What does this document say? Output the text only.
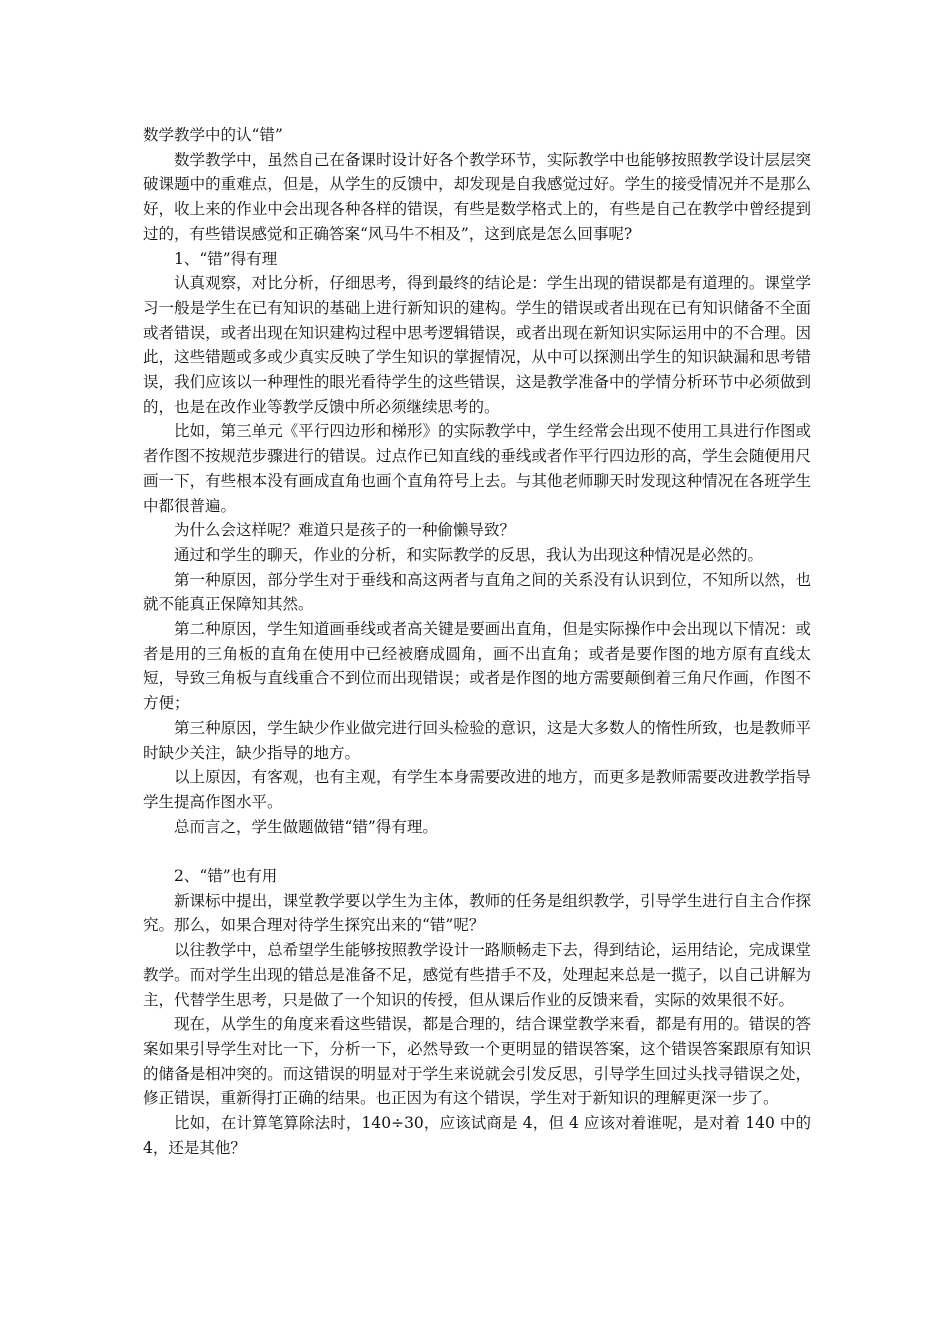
数学教学中的认“错”

数学教学中，虽然自己在备课时设计好各个教学环节，实际教学中也能够按照教学设计层层突破课题中的重难点，但是，从学生的反馈中，却发现是自我感觉过好。学生的接受情况并不是那么好，收上来的作业中会出现各种各样的错误，有些是数学格式上的，有些是自己在教学中曾经提到过的，有些错误感觉和正确答案“风马牛不相及”，这到底是怎么回事呢?

1、“错”得有理

认真观察，对比分析，仔细思考，得到最终的结论是：学生出现的错误都是有道理的。课堂学习一般是学生在已有知识的基础上进行新知识的建构。学生的错误或者出现在已有知识储备不全面或者错误，或者出现在知识建构过程中思考逻辑错误，或者出现在新知识实际运用中的不合理。因此，这些错题或多或少真实反映了学生知识的掌握情况，从中可以探测出学生的知识缺漏和思考错误，我们应该以一种理性的眼光看待学生的这些错误，这是教学准备中的学情分析环节中必须做到的，也是在改作业等教学反馈中所必须继续思考的。

比如，第三单元《平行四边形和梯形》的实际教学中，学生经常会出现不使用工具进行作图或者作图不按规范步骤进行的错误。过点作已知直线的垂线或者作平行四边形的高，学生会随便用尺画一下，有些根本没有画成直角也画个直角符号上去。与其他老师聊天时发现这种情况在各班学生中都很普遍。

为什么会这样呢？难道只是孩子的一种偷懒导致？

通过和学生的聊天，作业的分析，和实际教学的反思，我认为出现这种情况是必然的。

第一种原因，部分学生对于垂线和高这两者与直角之间的关系没有认识到位，不知所以然，也就不能真正保障知其然。

第二种原因，学生知道画垂线或者高关键是要画出直角，但是实际操作中会出现以下情况：或者是用的三角板的直角在使用中已经被磨成圆角，画不出直角；或者是要作图的地方原有直线太短，导致三角板与直线重合不到位而出现错误；或者是作图的地方需要颠倒着三角尺作画，作图不方便；

第三种原因，学生缺少作业做完进行回头检验的意识，这是大多数人的惰性所致，也是教师平时缺少关注，缺少指导的地方。

以上原因，有客观，也有主观，有学生本身需要改进的地方，而更多是教师需要改进教学指导学生提高作图水平。

总而言之，学生做题做错“错”得有理。

2、“错”也有用

新课标中提出，课堂教学要以学生为主体，教师的任务是组织教学，引导学生进行自主合作探究。那么，如果合理对待学生探究出来的“错”呢？

以往教学中，总希望学生能够按照教学设计一路顺畅走下去，得到结论，运用结论，完成课堂教学。而对学生出现的错总是准备不足，感觉有些措手不及，处理起来总是一揽子，以自己讲解为主，代替学生思考，只是做了一个知识的传授，但从课后作业的反馈来看，实际的效果很不好。

现在，从学生的角度来看这些错误，都是合理的，结合课堂教学来看，都是有用的。错误的答案如果引导学生对比一下，分析一下，必然导致一个更明显的错误答案，这个错误答案跟原有知识的储备是相冲突的。而这错误的明显对于学生来说就会引发反思，引导学生回过头找寻错误之处，修正错误，重新得打正确的结果。也正因为有这个错误，学生对于新知识的理解更深一步了。

比如，在计算笔算除法时，140÷30，应该试商是 4，但 4 应该对着谁呢，是对着 140 中的 4，还是其他？
